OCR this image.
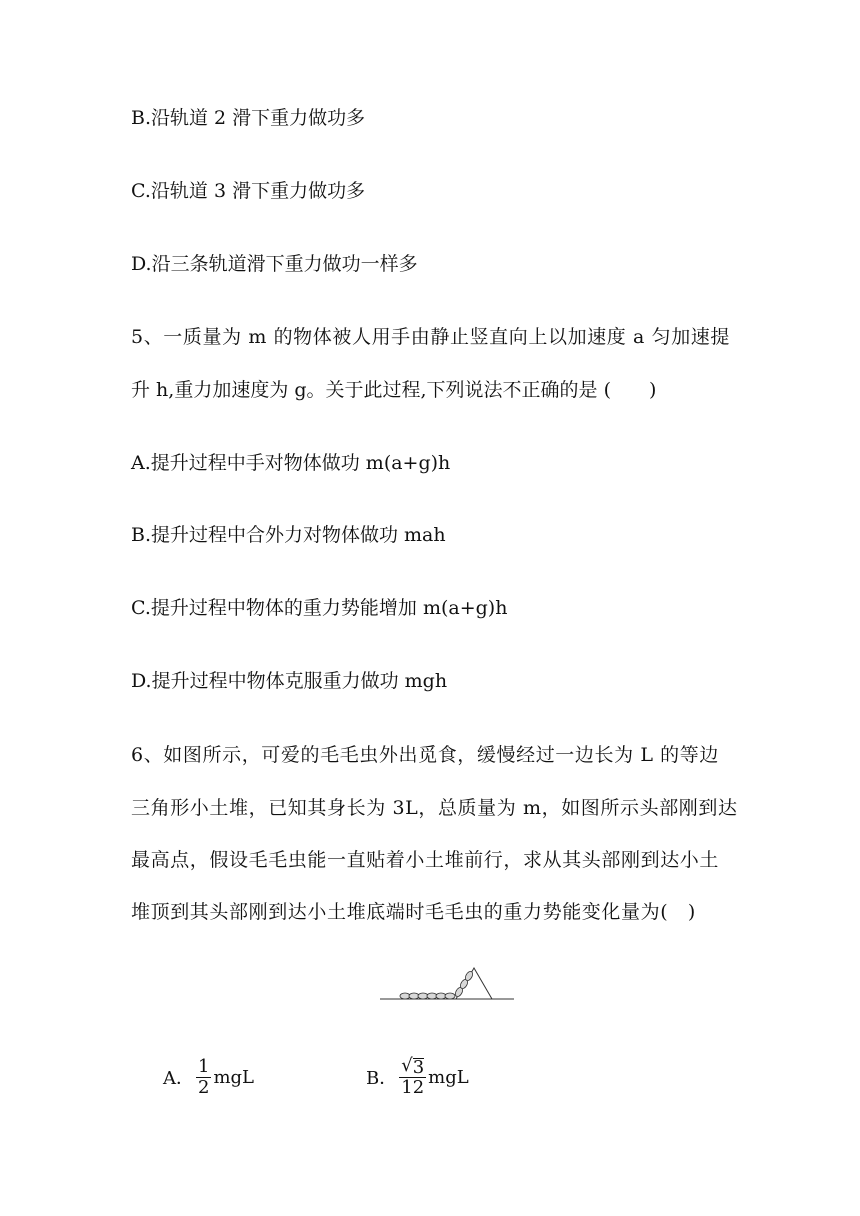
B.沿轨道 2 滑下重力做功多
C.沿轨道 3 滑下重力做功多
D.沿三条轨道滑下重力做功一样多
5、一质量为 m 的物体被人用手由静止竖直向上以加速度 a 匀加速提
升 h,重力加速度为 g。关于此过程,下列说法不正确的是 (　　)
A.提升过程中手对物体做功 m(a+g)h
B.提升过程中合外力对物体做功 mah
C.提升过程中物体的重力势能增加 m(a+g)h
D.提升过程中物体克服重力做功 mgh
6、如图所示，可爱的毛毛虫外出觅食，缓慢经过一边长为 L 的等边
三角形小土堆，已知其身长为 3L，总质量为 m，如图所示头部刚到达
最高点，假设毛毛虫能一直贴着小土堆前行，求从其头部刚到达小土
堆顶到其头部刚到达小土堆底端时毛毛虫的重力势能变化量为(　)
A． $\frac{1}{2}$ mgL	B． $\frac{√ 3}{12}$ mgL
